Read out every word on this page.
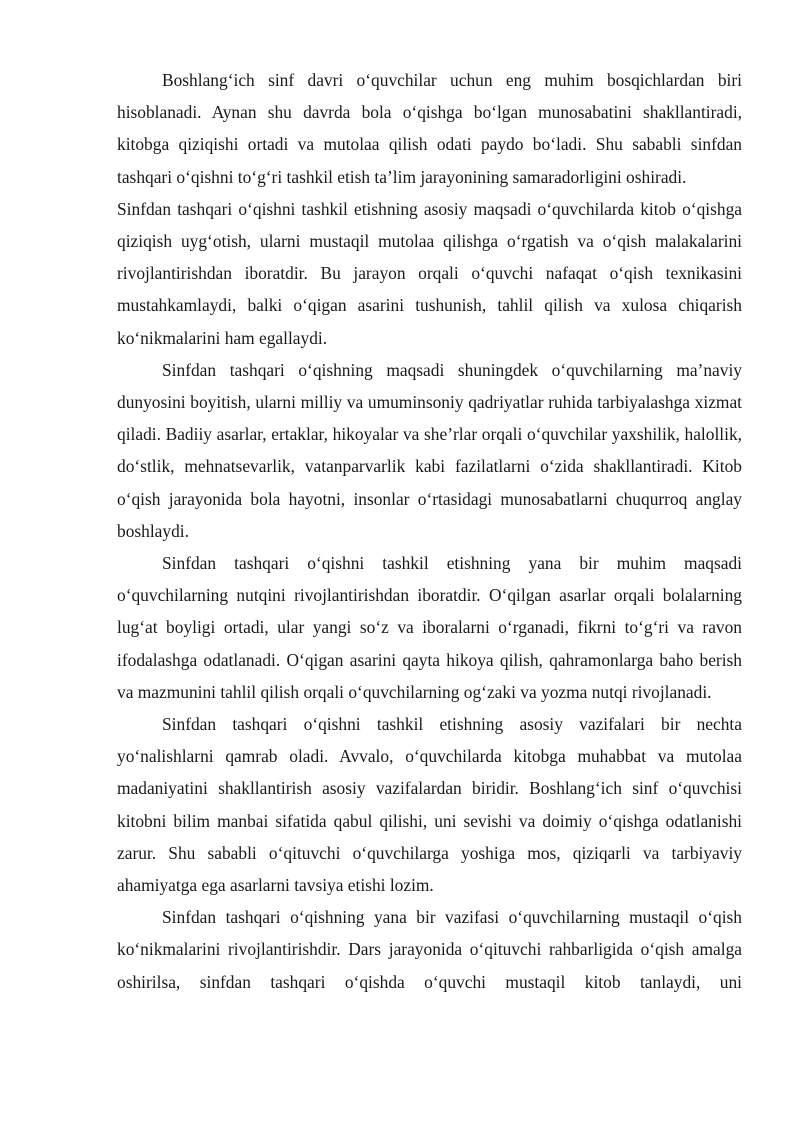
Boshlang‘ich sinf davri o‘quvchilar uchun eng muhim bosqichlardan biri hisoblanadi. Aynan shu davrda bola o‘qishga bo‘lgan munosabatini shakllantiradi, kitobga qiziqishi ortadi va mutolaa qilish odati paydo bo‘ladi. Shu sababli sinfdan tashqari o‘qishni to‘g‘ri tashkil etish ta’lim jarayonining samaradorligini oshiradi.

Sinfdan tashqari o‘qishni tashkil etishning asosiy maqsadi o‘quvchilarda kitob o‘qishga qiziqish uyg‘otish, ularni mustaqil mutolaa qilishga o‘rgatish va o‘qish malakalarini rivojlantirishdan iboratdir. Bu jarayon orqali o‘quvchi nafaqat o‘qish texnikasini mustahkamlaydi, balki o‘qigan asarini tushunish, tahlil qilish va xulosa chiqarish ko‘nikmalarini ham egallaydi.

Sinfdan tashqari o‘qishning maqsadi shuningdek o‘quvchilarning ma’naviy dunyosini boyitish, ularni milliy va umuminsoniy qadriyatlar ruhida tarbiyalashga xizmat qiladi. Badiiy asarlar, ertaklar, hikoyalar va she’rlar orqali o‘quvchilar yaxshilik, halollik, do‘stlik, mehnatsevarlik, vatanparvarlik kabi fazilatlarni o‘zida shakllantiradi. Kitob o‘qish jarayonida bola hayotni, insonlar o‘rtasidagi munosabatlarni chuqurroq anglay boshlaydi.

Sinfdan tashqari o‘qishni tashkil etishning yana bir muhim maqsadi o‘quvchilarning nutqini rivojlantirishdan iboratdir. O‘qilgan asarlar orqali bolalarning lug‘at boyligi ortadi, ular yangi so‘z va iboralarni o‘rganadi, fikrni to‘g‘ri va ravon ifodalashga odatlanadi. O‘qigan asarini qayta hikoya qilish, qahramonlarga baho berish va mazmunini tahlil qilish orqali o‘quvchilarning og‘zaki va yozma nutqi rivojlanadi.

Sinfdan tashqari o‘qishni tashkil etishning asosiy vazifalari bir nechta yo‘nalishlarni qamrab oladi. Avvalo, o‘quvchilarda kitobga muhabbat va mutolaa madaniyatini shakllantirish asosiy vazifalardan biridir. Boshlang‘ich sinf o‘quvchisi kitobni bilim manbai sifatida qabul qilishi, uni sevishi va doimiy o‘qishga odatlanishi zarur. Shu sababli o‘qituvchi o‘quvchilarga yoshiga mos, qiziqarli va tarbiyaviy ahamiyatga ega asarlarni tavsiya etishi lozim.

Sinfdan tashqari o‘qishning yana bir vazifasi o‘quvchilarning mustaqil o‘qish ko‘nikmalarini rivojlantirishdir. Dars jarayonida o‘qituvchi rahbarligida o‘qish amalga oshirilsa, sinfdan tashqari o‘qishda o‘quvchi mustaqil kitob tanlaydi, uni
